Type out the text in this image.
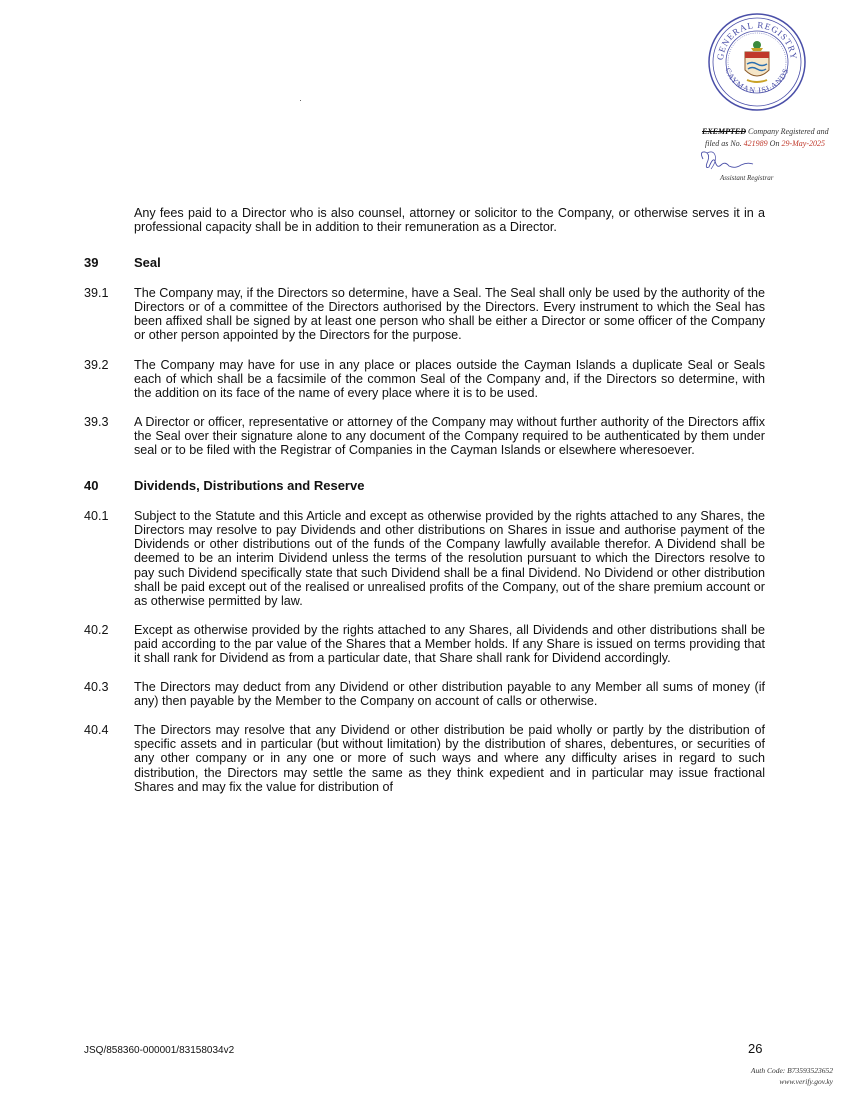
GENERAL REGISTRY
CAYMAN ISLANDS
EXEMPTED Company Registered and
filed as No. 421989 On 29-May-2025
Assistant Registrar

Any fees paid to a Director who is also counsel, attorney or solicitor to the Company, or otherwise serves it in a professional capacity shall be in addition to their remuneration as a Director.

39	Seal
39.1	The Company may, if the Directors so determine, have a Seal. The Seal shall only be used by the authority of the Directors or of a committee of the Directors authorised by the Directors. Every instrument to which the Seal has been affixed shall be signed by at least one person who shall be either a Director or some officer of the Company or other person appointed by the Directors for the purpose.

39.2	The Company may have for use in any place or places outside the Cayman Islands a duplicate Seal or Seals each of which shall be a facsimile of the common Seal of the Company and, if the Directors so determine, with the addition on its face of the name of every place where it is to be used.

39.3	A Director or officer, representative or attorney of the Company may without further authority of the Directors affix the Seal over their signature alone to any document of the Company required to be authenticated by them under seal or to be filed with the Registrar of Companies in the Cayman Islands or elsewhere wheresoever.

40	Dividends, Distributions and Reserve
40.1	Subject to the Statute and this Article and except as otherwise provided by the rights attached to any Shares, the Directors may resolve to pay Dividends and other distributions on Shares in issue and authorise payment of the Dividends or other distributions out of the funds of the Company lawfully available therefor. A Dividend shall be deemed to be an interim Dividend unless the terms of the resolution pursuant to which the Directors resolve to pay such Dividend specifically state that such Dividend shall be a final Dividend. No Dividend or other distribution shall be paid except out of the realised or unrealised profits of the Company, out of the share premium account or as otherwise permitted by law.

40.2	Except as otherwise provided by the rights attached to any Shares, all Dividends and other distributions shall be paid according to the par value of the Shares that a Member holds. If any Share is issued on terms providing that it shall rank for Dividend as from a particular date, that Share shall rank for Dividend accordingly.

40.3	The Directors may deduct from any Dividend or other distribution payable to any Member all sums of money (if any) then payable by the Member to the Company on account of calls or otherwise.

40.4	The Directors may resolve that any Dividend or other distribution be paid wholly or partly by the distribution of specific assets and in particular (but without limitation) by the distribution of shares, debentures, or securities of any other company or in any one or more of such ways and where any difficulty arises in regard to such distribution, the Directors may settle the same as they think expedient and in particular may issue fractional Shares and may fix the value for distribution of

JSQ/858360-000001/83158034v2	26
Auth Code: B73593523652
www.verify.gov.ky
